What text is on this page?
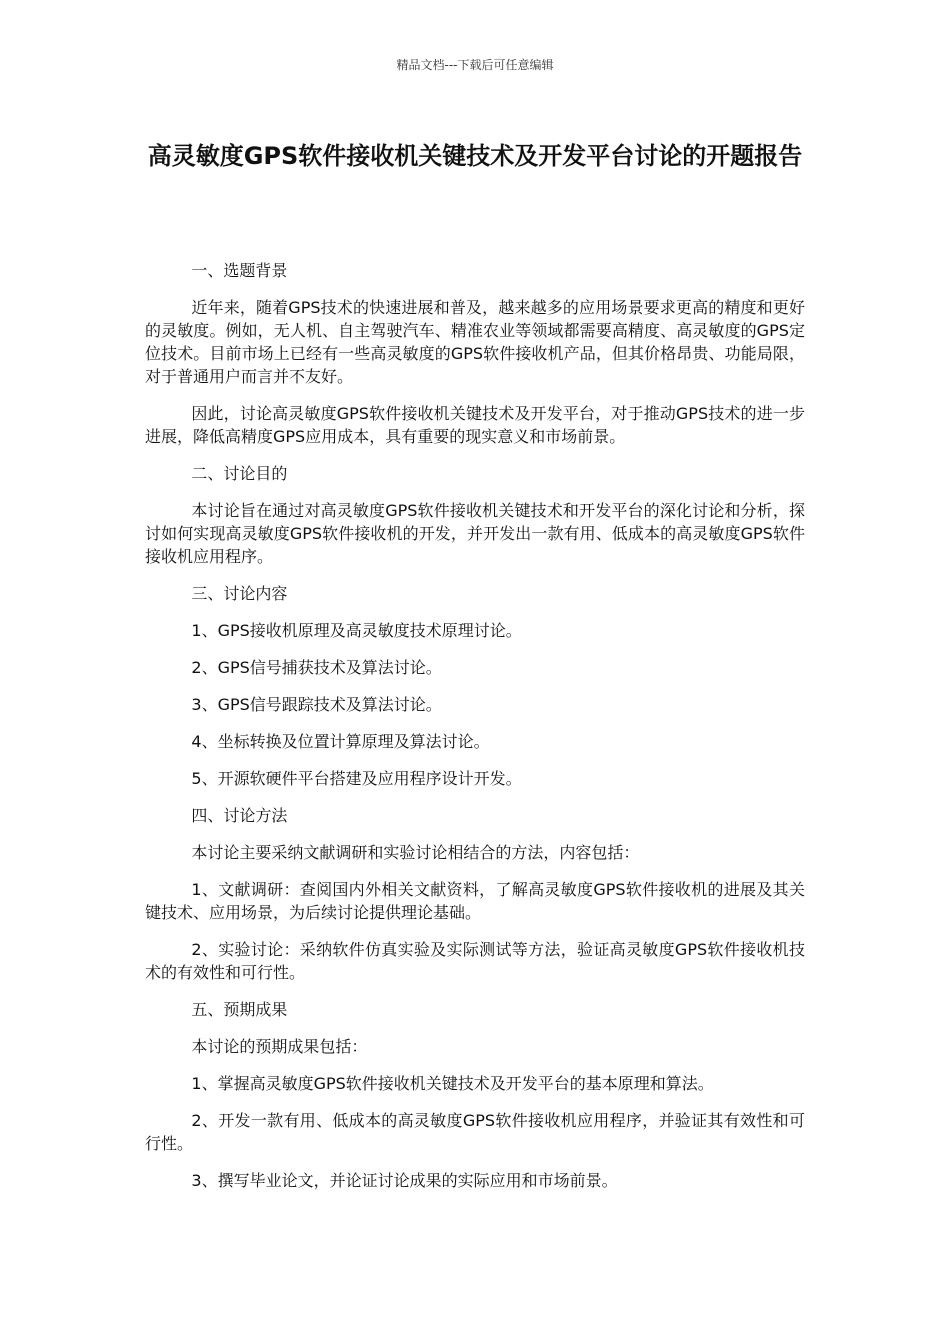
精品文档---下载后可任意编辑
高灵敏度GPS软件接收机关键技术及开发平台讨论的开题报告

一、选题背景

近年来，随着GPS技术的快速进展和普及，越来越多的应用场景要求更高的精度和更好的灵敏度。例如，无人机、自主驾驶汽车、精准农业等领域都需要高精度、高灵敏度的GPS定位技术。目前市场上已经有一些高灵敏度的GPS软件接收机产品，但其价格昂贵、功能局限，对于普通用户而言并不友好。

因此，讨论高灵敏度GPS软件接收机关键技术及开发平台，对于推动GPS技术的进一步进展，降低高精度GPS应用成本，具有重要的现实意义和市场前景。

二、讨论目的

本讨论旨在通过对高灵敏度GPS软件接收机关键技术和开发平台的深化讨论和分析，探讨如何实现高灵敏度GPS软件接收机的开发，并开发出一款有用、低成本的高灵敏度GPS软件接收机应用程序。

三、讨论内容

1、GPS接收机原理及高灵敏度技术原理讨论。

2、GPS信号捕获技术及算法讨论。

3、GPS信号跟踪技术及算法讨论。

4、坐标转换及位置计算原理及算法讨论。

5、开源软硬件平台搭建及应用程序设计开发。

四、讨论方法

本讨论主要采纳文献调研和实验讨论相结合的方法，内容包括：

1、文献调研：查阅国内外相关文献资料，了解高灵敏度GPS软件接收机的进展及其关键技术、应用场景，为后续讨论提供理论基础。

2、实验讨论：采纳软件仿真实验及实际测试等方法，验证高灵敏度GPS软件接收机技术的有效性和可行性。

五、预期成果

本讨论的预期成果包括：

1、掌握高灵敏度GPS软件接收机关键技术及开发平台的基本原理和算法。

2、开发一款有用、低成本的高灵敏度GPS软件接收机应用程序，并验证其有效性和可行性。

3、撰写毕业论文，并论证讨论成果的实际应用和市场前景。
